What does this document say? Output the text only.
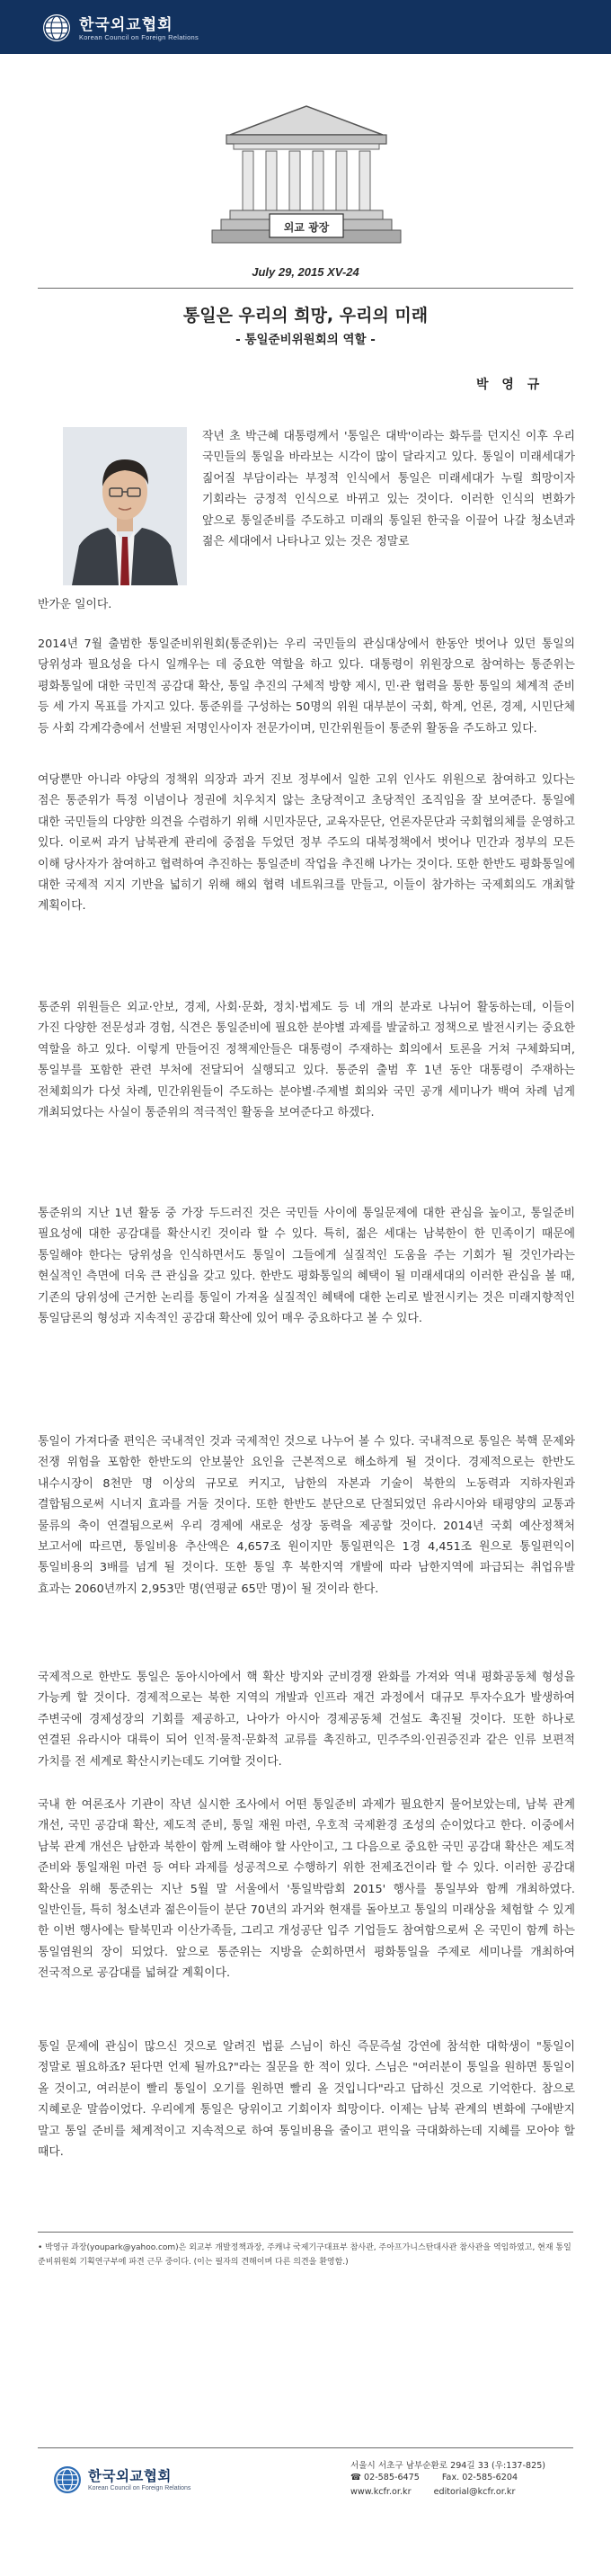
한국외교협회
Korean Council on Foreign Relations
외교 광장
July 29, 2015 XV-24
통일은 우리의 희망, 우리의 미래
- 통일준비위원회의 역할 -
박 영 규
작년 초 박근혜 대통령께서 '통일은 대박'이라는 화두를 던지신 이후 우리 국민들의 통일을 바라보는 시각이 많이 달라지고 있다. 통일이 미래세대가 짊어질 부담이라는 부정적 인식에서 통일은 미래세대가 누릴 희망이자 기회라는 긍정적 인식으로 바뀌고 있는 것이다. 이러한 인식의 변화가 앞으로 통일준비를 주도하고 미래의 통일된 한국을 이끌어 나갈 청소년과 젊은 세대에서 나타나고 있는 것은 정말로
반가운 일이다.
2014년 7월 출범한 통일준비위원회(통준위)는 우리 국민들의 관심대상에서 한동안 벗어나 있던 통일의 당위성과 필요성을 다시 일깨우는 데 중요한 역할을 하고 있다. 대통령이 위원장으로 참여하는 통준위는 평화통일에 대한 국민적 공감대 확산, 통일 추진의 구체적 방향 제시, 민·관 협력을 통한 통일의 체계적 준비 등 세 가지 목표를 가지고 있다. 통준위를 구성하는 50명의 위원 대부분이 국회, 학계, 언론, 경제, 시민단체 등 사회 각계각층에서 선발된 저명인사이자 전문가이며, 민간위원들이 통준위 활동을 주도하고 있다.
여당뿐만 아니라 야당의 정책위 의장과 과거 진보 정부에서 일한 고위 인사도 위원으로 참여하고 있다는 점은 통준위가 특정 이념이나 정권에 치우치지 않는 초당적이고 초당적인 조직임을 잘 보여준다. 통일에 대한 국민들의 다양한 의견을 수렴하기 위해 시민자문단, 교육자문단, 언론자문단과 국회협의체를 운영하고 있다. 이로써 과거 남북관계 관리에 중점을 두었던 정부 주도의 대북정책에서 벗어나 민간과 정부의 모든 이해 당사자가 참여하고 협력하여 추진하는 통일준비 작업을 추진해 나가는 것이다. 또한 한반도 평화통일에 대한 국제적 지지 기반을 넓히기 위해 해외 협력 네트워크를 만들고, 이들이 참가하는 국제회의도 개최할 계획이다.
통준위 위원들은 외교·안보, 경제, 사회·문화, 정치·법제도 등 네 개의 분과로 나뉘어 활동하는데, 이들이 가진 다양한 전문성과 경험, 식견은 통일준비에 필요한 분야별 과제를 발굴하고 정책으로 발전시키는 중요한 역할을 하고 있다. 이렇게 만들어진 정책제안들은 대통령이 주재하는 회의에서 토론을 거쳐 구체화되며, 통일부를 포함한 관련 부처에 전달되어 실행되고 있다. 통준위 출범 후 1년 동안 대통령이 주재하는 전체회의가 다섯 차례, 민간위원들이 주도하는 분야별·주제별 회의와 국민 공개 세미나가 백여 차례 넘게 개최되었다는 사실이 통준위의 적극적인 활동을 보여준다고 하겠다.
통준위의 지난 1년 활동 중 가장 두드러진 것은 국민들 사이에 통일문제에 대한 관심을 높이고, 통일준비 필요성에 대한 공감대를 확산시킨 것이라 할 수 있다. 특히, 젊은 세대는 남북한이 한 민족이기 때문에 통일해야 한다는 당위성을 인식하면서도 통일이 그들에게 실질적인 도움을 주는 기회가 될 것인가라는 현실적인 측면에 더욱 큰 관심을 갖고 있다. 한반도 평화통일의 혜택이 될 미래세대의 이러한 관심을 볼 때, 기존의 당위성에 근거한 논리를 통일이 가져올 실질적인 혜택에 대한 논리로 발전시키는 것은 미래지향적인 통일담론의 형성과 지속적인 공감대 확산에 있어 매우 중요하다고 볼 수 있다.
통일이 가져다줄 편익은 국내적인 것과 국제적인 것으로 나누어 볼 수 있다. 국내적으로 통일은 북핵 문제와 전쟁 위험을 포함한 한반도의 안보불안 요인을 근본적으로 해소하게 될 것이다. 경제적으로는 한반도 내수시장이 8천만 명 이상의 규모로 커지고, 남한의 자본과 기술이 북한의 노동력과 지하자원과 결합됨으로써 시너지 효과를 거둘 것이다. 또한 한반도 분단으로 단절되었던 유라시아와 태평양의 교통과 물류의 축이 연결됨으로써 우리 경제에 새로운 성장 동력을 제공할 것이다. 2014년 국회 예산정책처 보고서에 따르면, 통일비용 추산액은 4,657조 원이지만 통일편익은 1경 4,451조 원으로 통일편익이 통일비용의 3배를 넘게 될 것이다. 또한 통일 후 북한지역 개발에 따라 남한지역에 파급되는 취업유발 효과는 2060년까지 2,953만 명(연평균 65만 명)이 될 것이라 한다.
국제적으로 한반도 통일은 동아시아에서 핵 확산 방지와 군비경쟁 완화를 가져와 역내 평화공동체 형성을 가능케 할 것이다. 경제적으로는 북한 지역의 개발과 인프라 재건 과정에서 대규모 투자수요가 발생하여 주변국에 경제성장의 기회를 제공하고, 나아가 아시아 경제공동체 건설도 촉진될 것이다. 또한 하나로 연결된 유라시아 대륙이 되어 인적·물적·문화적 교류를 촉진하고, 민주주의·인권증진과 같은 인류 보편적 가치를 전 세계로 확산시키는데도 기여할 것이다.
국내 한 여론조사 기관이 작년 실시한 조사에서 어떤 통일준비 과제가 필요한지 물어보았는데, 남북 관계 개선, 국민 공감대 확산, 제도적 준비, 통일 재원 마련, 우호적 국제환경 조성의 순이었다고 한다. 이중에서 남북 관계 개선은 남한과 북한이 함께 노력해야 할 사안이고, 그 다음으로 중요한 국민 공감대 확산은 제도적 준비와 통일재원 마련 등 여타 과제를 성공적으로 수행하기 위한 전제조건이라 할 수 있다. 이러한 공감대 확산을 위해 통준위는 지난 5월 말 서울에서 '통일박람회 2015' 행사를 통일부와 함께 개최하였다. 일반인들, 특히 청소년과 젊은이들이 분단 70년의 과거와 현재를 돌아보고 통일의 미래상을 체험할 수 있게 한 이번 행사에는 탈북민과 이산가족들, 그리고 개성공단 입주 기업들도 참여함으로써 온 국민이 함께 하는 통일염원의 장이 되었다. 앞으로 통준위는 지방을 순회하면서 평화통일을 주제로 세미나를 개최하여 전국적으로 공감대를 넓혀갈 계획이다.
통일 문제에 관심이 많으신 것으로 알려진 법륜 스님이 하신 즉문즉설 강연에 참석한 대학생이 "통일이 정말로 필요하죠? 된다면 언제 될까요?"라는 질문을 한 적이 있다. 스님은 "여러분이 통일을 원하면 통일이 올 것이고, 여러분이 빨리 통일이 오기를 원하면 빨리 올 것입니다"라고 답하신 것으로 기억한다. 참으로 지혜로운 말씀이었다. 우리에게 통일은 당위이고 기회이자 희망이다. 이제는 남북 관계의 변화에 구애받지 말고 통일 준비를 체계적이고 지속적으로 하여 통일비용을 줄이고 편익을 극대화하는데 지혜를 모아야 할 때다.
• 박영규 과장(youpark@yahoo.com)은 외교부 개발정책과장, 주캐냐 국제기구대표부 참사관, 주아프가니스탄대사관 참사관을 역임하였고, 현재 통일준비위원회 기획연구부에 파견 근무 중이다. (이는 필자의 견해이며 다른 의견을 환영함.)
한국외교협회
Korean Council on Foreign Relations
서울시 서초구 남부순환로 294길 33 (우:137-825)
☎ 02-585-6475	Fax. 02-585-6204
www.kcfr.or.kr	editorial@kcfr.or.kr
